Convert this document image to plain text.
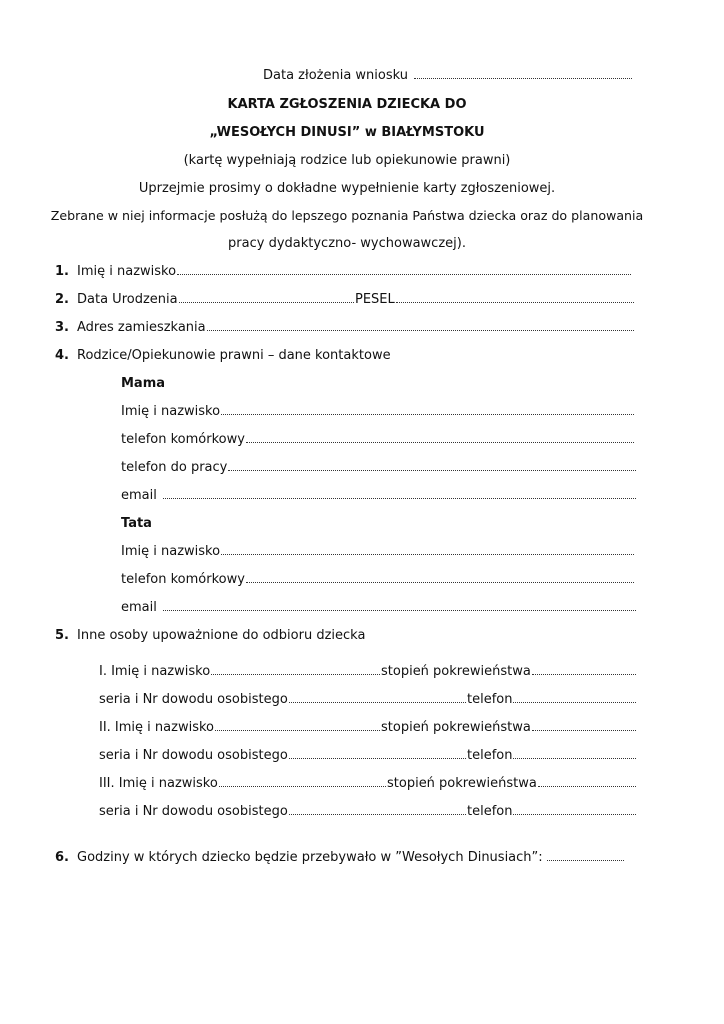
Data złożenia wniosku
KARTA ZGŁOSZENIA DZIECKA DO
„WESOŁYCH DINUSI” w BIAŁYMSTOKU
(kartę wypełniają rodzice lub opiekunowie prawni)
Uprzejmie prosimy o dokładne wypełnienie karty zgłoszeniowej.
Zebrane w niej informacje posłużą do lepszego poznania Państwa dziecka oraz do planowania
pracy dydaktyczno- wychowawczej).
1. Imię i nazwisko
2. Data Urodzenia	PESEL
3. Adres zamieszkania
4. Rodzice/Opiekunowie prawni – dane kontaktowe
Mama
Imię i nazwisko
telefon komórkowy
telefon do pracy
email
Tata
Imię i nazwisko
telefon komórkowy
email
5. Inne osoby upoważnione do odbioru dziecka
I. Imię i nazwisko	stopień pokrewieństwa
seria i Nr dowodu osobistego	telefon
II. Imię i nazwisko	stopień pokrewieństwa
seria i Nr dowodu osobistego	telefon
III. Imię i nazwisko	stopień pokrewieństwa
seria i Nr dowodu osobistego	telefon
6. Godziny w których dziecko będzie przebywało w ”Wesołych Dinusiach”:
